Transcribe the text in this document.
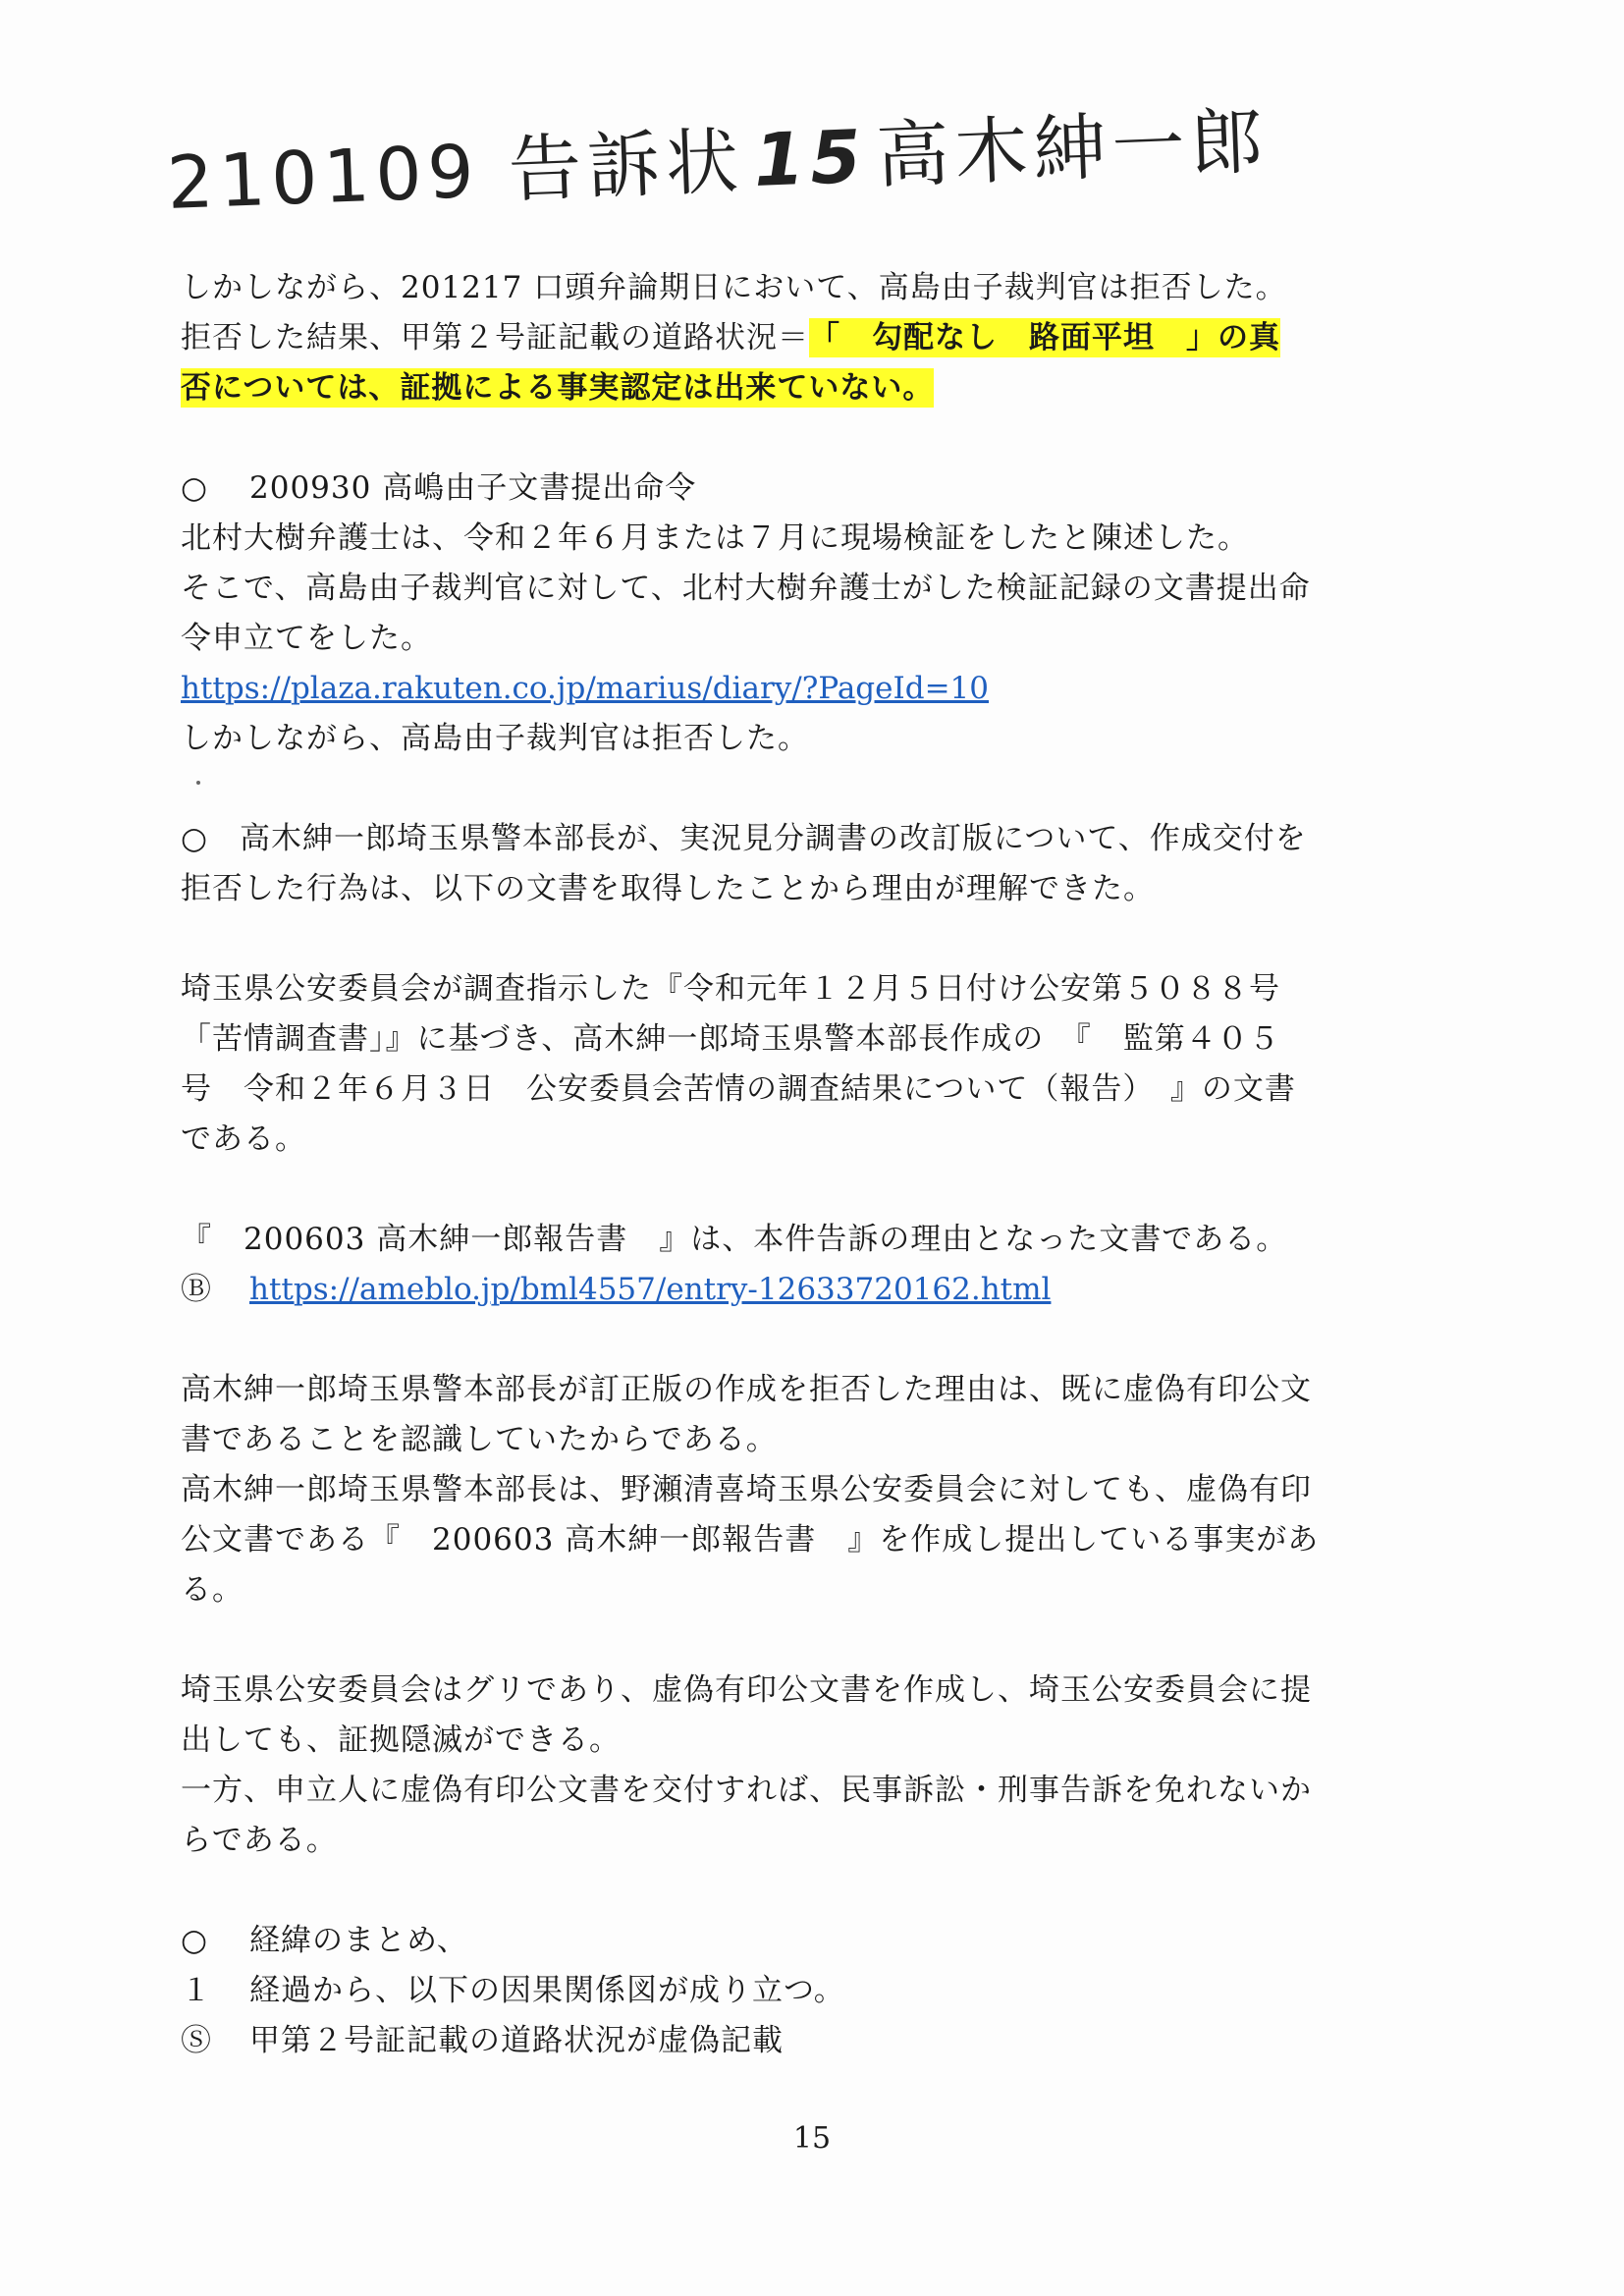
210109 告訴状15高木紳一郎
しかしながら、201217 口頭弁論期日において、高島由子裁判官は拒否した。
拒否した結果、甲第２号証記載の道路状況＝「　勾配なし　路面平坦　」の真
否については、証拠による事実認定は出来ていない。
○ 200930 高嶋由子文書提出命令
北村大樹弁護士は、令和２年６月または７月に現場検証をしたと陳述した。
そこで、高島由子裁判官に対して、北村大樹弁護士がした検証記録の文書提出命
令申立てをした。
https://plaza.rakuten.co.jp/marius/diary/?PageId=10
しかしながら、高島由子裁判官は拒否した。
○　高木紳一郎埼玉県警本部長が、実況見分調書の改訂版について、作成交付を
拒否した行為は、以下の文書を取得したことから理由が理解できた。
埼玉県公安委員会が調査指示した『令和元年１２月５日付け公安第５０８８号
「苦情調査書」』に基づき、高木紳一郎埼玉県警本部長作成の　『　監第４０５
号　令和２年６月３日　公安委員会苦情の調査結果について（報告）　』の文書
である。
『　200603 高木紳一郎報告書　』は、本件告訴の理由となった文書である。
Ⓑ https://ameblo.jp/bml4557/entry-12633720162.html
高木紳一郎埼玉県警本部長が訂正版の作成を拒否した理由は、既に虚偽有印公文
書であることを認識していたからである。
高木紳一郎埼玉県警本部長は、野瀬清喜埼玉県公安委員会に対しても、虚偽有印
公文書である『　200603 高木紳一郎報告書　』を作成し提出している事実があ
る。
埼玉県公安委員会はグリであり、虚偽有印公文書を作成し、埼玉公安委員会に提
出しても、証拠隠滅ができる。
一方、申立人に虚偽有印公文書を交付すれば、民事訴訟・刑事告訴を免れないか
らである。
○ 経緯のまとめ、
１ 経過から、以下の因果関係図が成り立つ。
Ⓢ 甲第２号証記載の道路状況が虚偽記載
15
